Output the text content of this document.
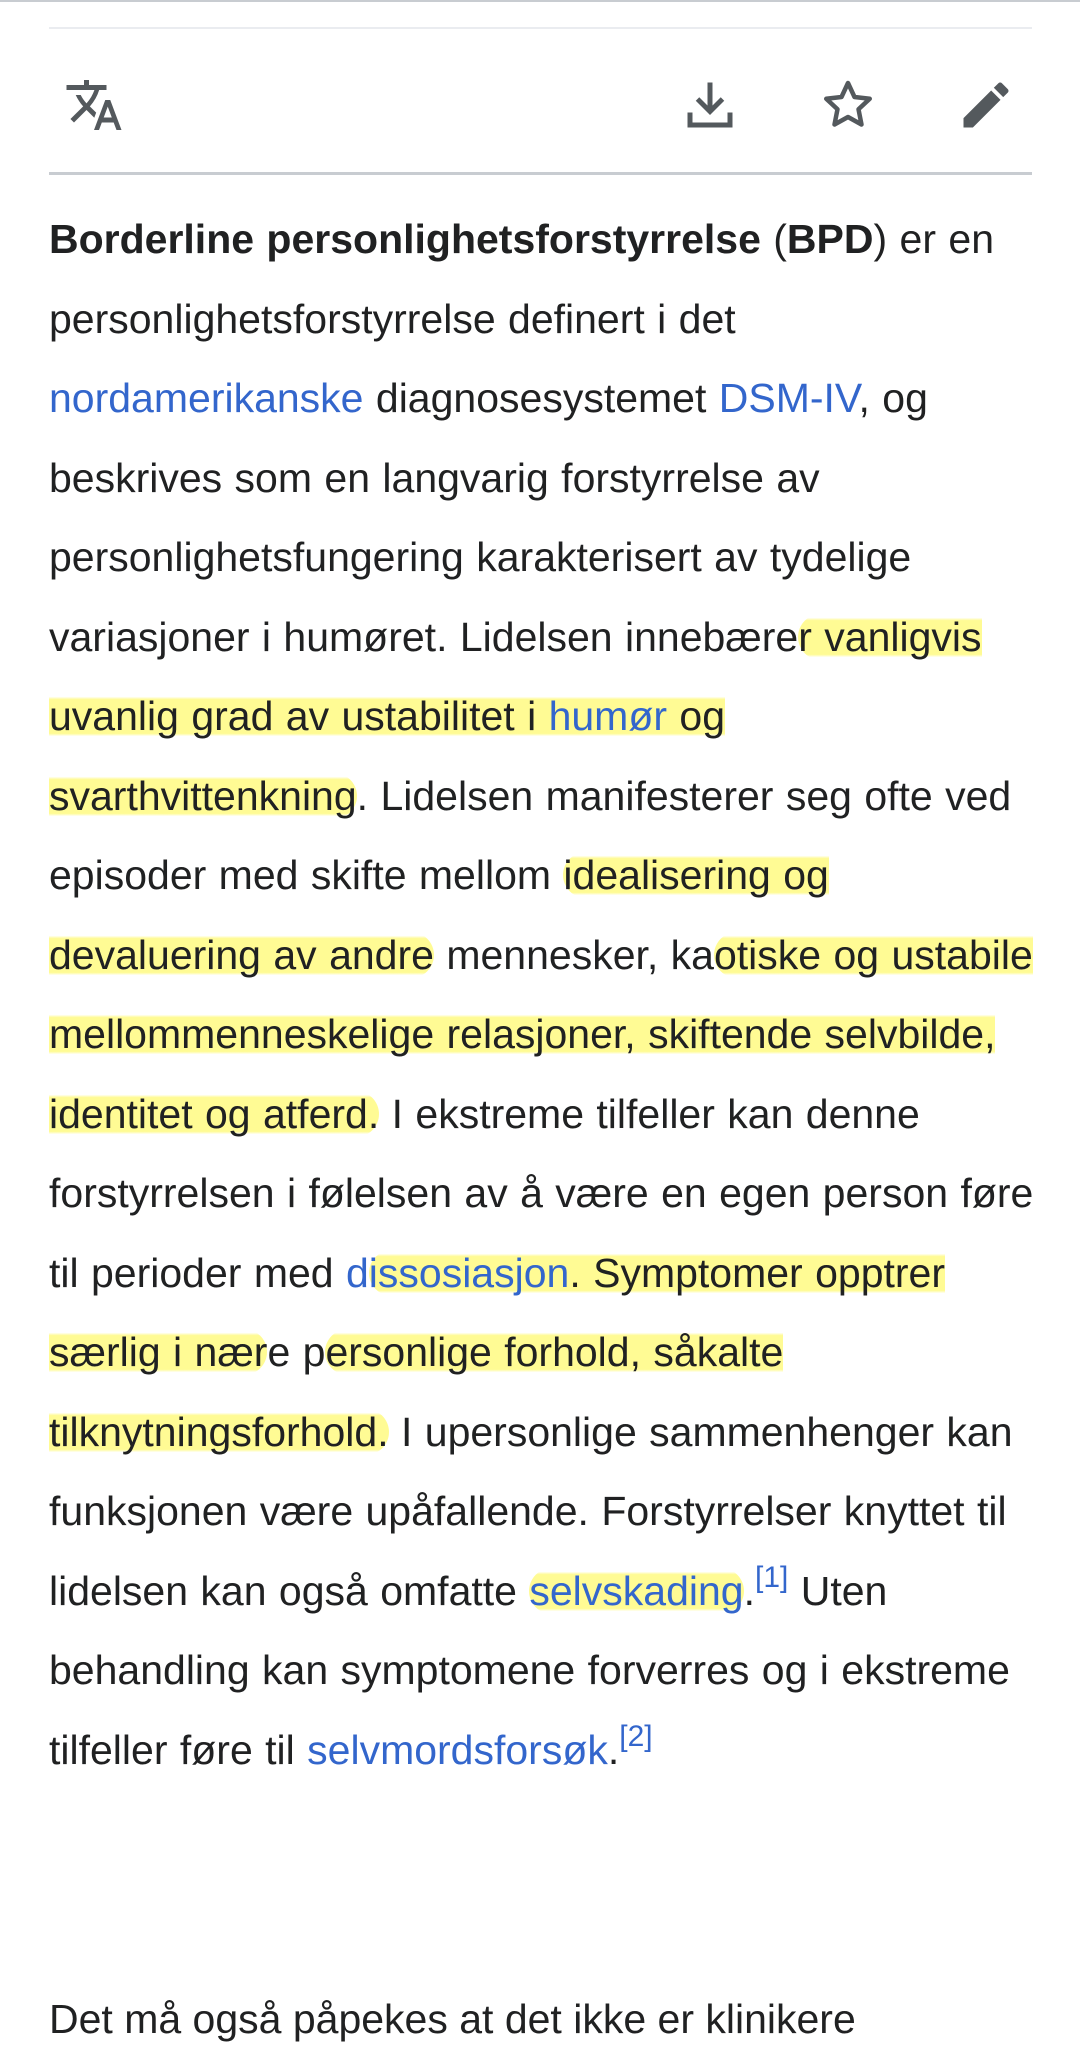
Borderline personlighetsforstyrrelse (BPD) er en personlighetsforstyrrelse definert i det nordamerikanske diagnosesystemet DSM-IV, og beskrives som en langvarig forstyrrelse av personlighetsfungering karakterisert av tydelige variasjoner i humøret. Lidelsen innebærer vanligvis uvanlig grad av ustabilitet i humør og svarthvittenkning. Lidelsen manifesterer seg ofte ved episoder med skifte mellom idealisering og devaluering av andre mennesker, kaotiske og ustabile mellommenneskelige relasjoner, skiftende selvbilde, identitet og atferd. I ekstreme tilfeller kan denne forstyrrelsen i følelsen av å være en egen person føre til perioder med dissosiasjon. Symptomer opptrer særlig i nære personlige forhold, såkalte tilknytningsforhold. I upersonlige sammenhenger kan funksjonen være upåfallende. Forstyrrelser knyttet til lidelsen kan også omfatte selvskading.[1] Uten behandling kan symptomene forverres og i ekstreme tilfeller føre til selvmordsforsøk.[2]

Det må også påpekes at det ikke er klinikere
